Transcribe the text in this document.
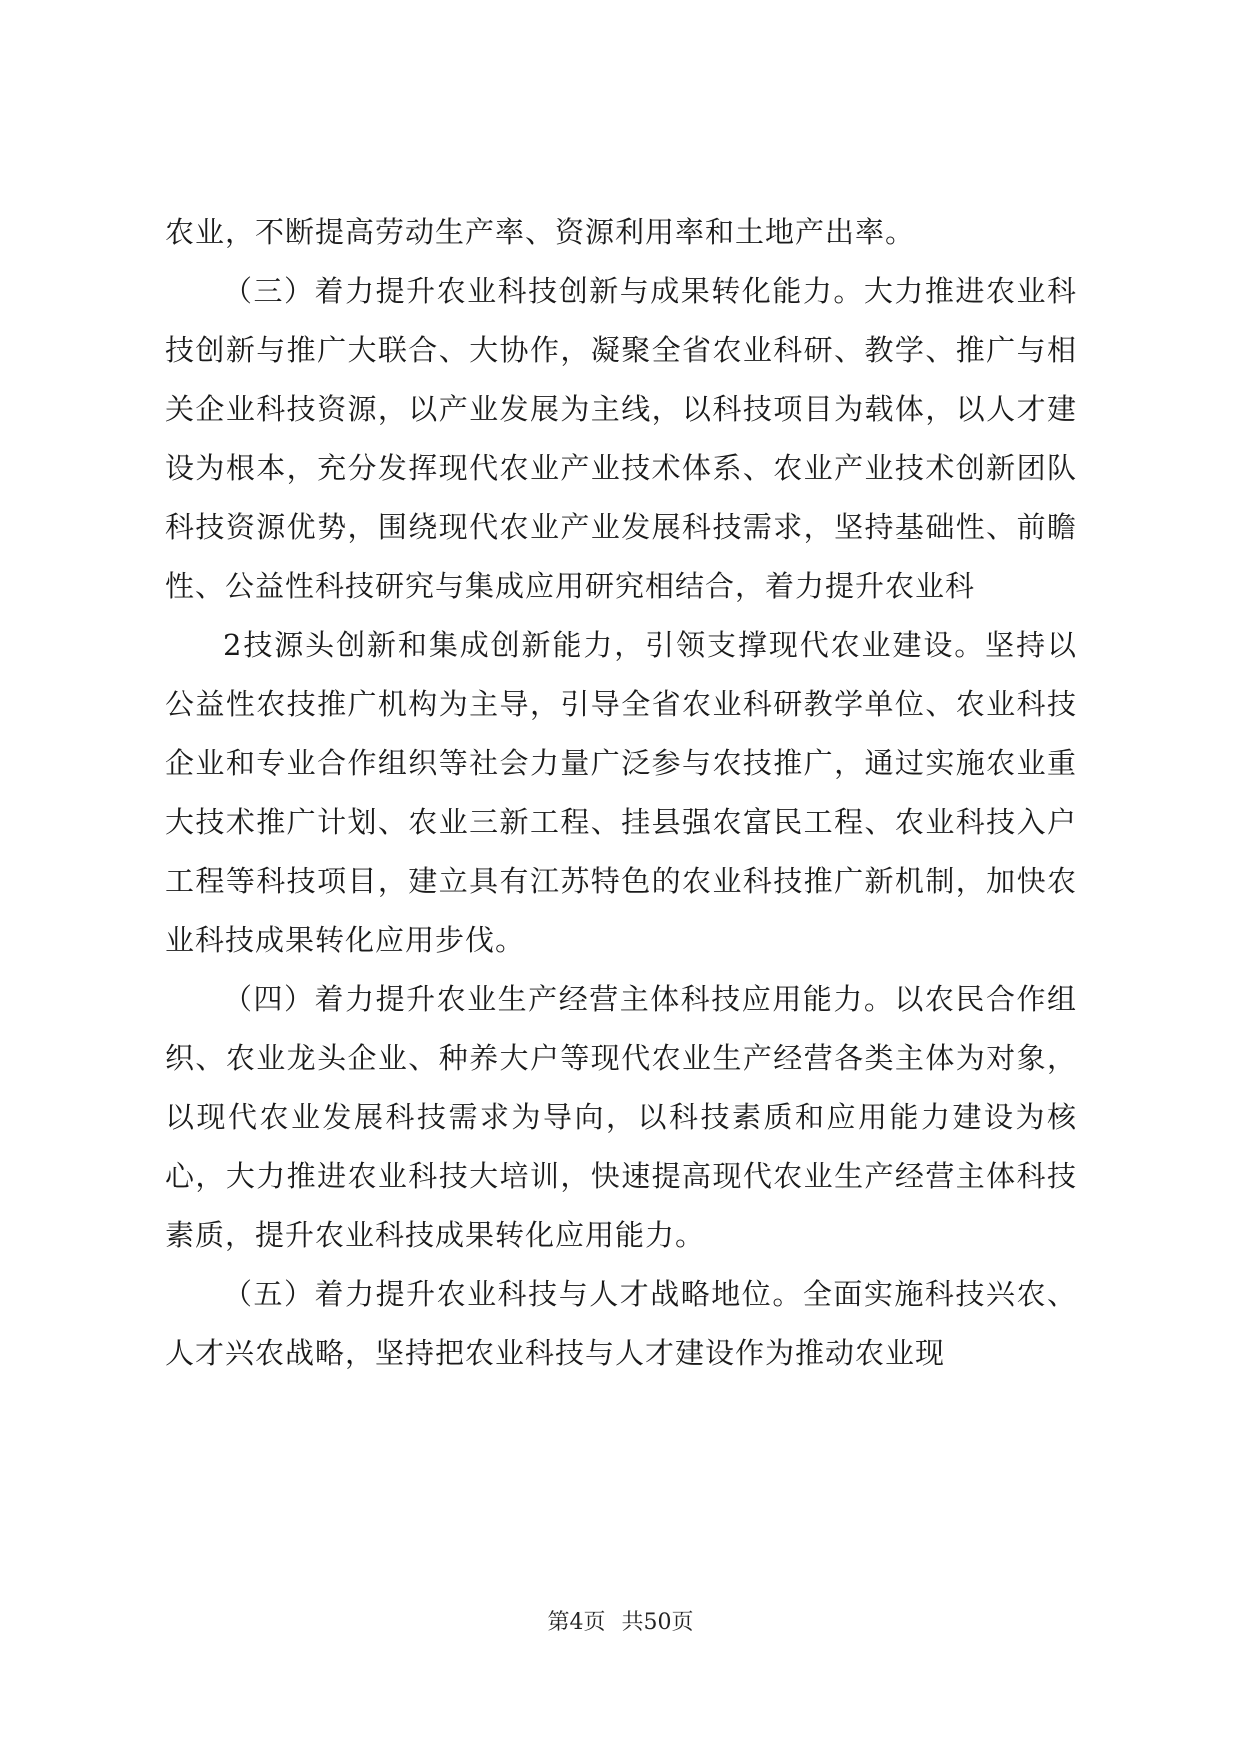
农业，不断提高劳动生产率、资源利用率和土地产出率。

（三）着力提升农业科技创新与成果转化能力。大力推进农业科技创新与推广大联合、大协作，凝聚全省农业科研、教学、推广与相关企业科技资源，以产业发展为主线，以科技项目为载体，以人才建设为根本，充分发挥现代农业产业技术体系、农业产业技术创新团队科技资源优势，围绕现代农业产业发展科技需求，坚持基础性、前瞻性、公益性科技研究与集成应用研究相结合，着力提升农业科

2技源头创新和集成创新能力，引领支撑现代农业建设。坚持以公益性农技推广机构为主导，引导全省农业科研教学单位、农业科技企业和专业合作组织等社会力量广泛参与农技推广，通过实施农业重大技术推广计划、农业三新工程、挂县强农富民工程、农业科技入户工程等科技项目，建立具有江苏特色的农业科技推广新机制，加快农业科技成果转化应用步伐。

（四）着力提升农业生产经营主体科技应用能力。以农民合作组织、农业龙头企业、种养大户等现代农业生产经营各类主体为对象，以现代农业发展科技需求为导向，以科技素质和应用能力建设为核心，大力推进农业科技大培训，快速提高现代农业生产经营主体科技素质，提升农业科技成果转化应用能力。

（五）着力提升农业科技与人才战略地位。全面实施科技兴农、人才兴农战略，坚持把农业科技与人才建设作为推动农业现

第4页 共50页
